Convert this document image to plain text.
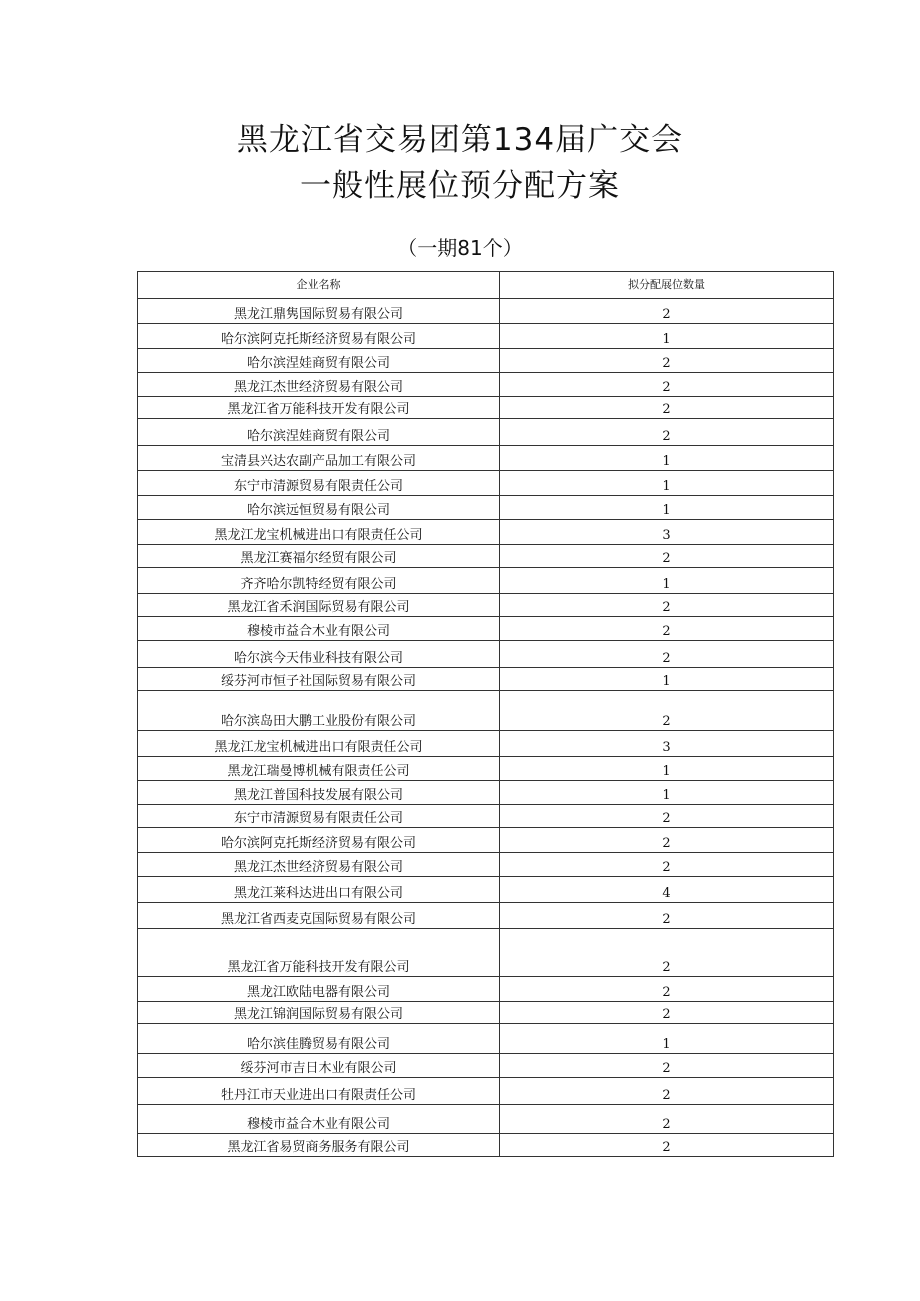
黑龙江省交易团第134届广交会
一般性展位预分配方案
（一期81个）
企业名称	拟分配展位数量
黑龙江鼎隽国际贸易有限公司	2
哈尔滨阿克托斯经济贸易有限公司	1
哈尔滨涅娃商贸有限公司	2
黑龙江杰世经济贸易有限公司	2
黑龙江省万能科技开发有限公司	2
哈尔滨涅娃商贸有限公司	2
宝清县兴达农副产品加工有限公司	1
东宁市清源贸易有限责任公司	1
哈尔滨远恒贸易有限公司	1
黑龙江龙宝机械进出口有限责任公司	3
黑龙江赛福尔经贸有限公司	2
齐齐哈尔凯特经贸有限公司	1
黑龙江省禾润国际贸易有限公司	2
穆棱市益合木业有限公司	2
哈尔滨今天伟业科技有限公司	2
绥芬河市恒子社国际贸易有限公司	1
哈尔滨岛田大鹏工业股份有限公司	2
黑龙江龙宝机械进出口有限责任公司	3
黑龙江瑞曼博机械有限责任公司	1
黑龙江普国科技发展有限公司	1
东宁市清源贸易有限责任公司	2
哈尔滨阿克托斯经济贸易有限公司	2
黑龙江杰世经济贸易有限公司	2
黑龙江莱科达进出口有限公司	4
黑龙江省西麦克国际贸易有限公司	2
黑龙江省万能科技开发有限公司	2
黑龙江欧陆电器有限公司	2
黑龙江锦润国际贸易有限公司	2
哈尔滨佳腾贸易有限公司	1
绥芬河市吉日木业有限公司	2
牡丹江市天业进出口有限责任公司	2
穆棱市益合木业有限公司	2
黑龙江省易贸商务服务有限公司	2
